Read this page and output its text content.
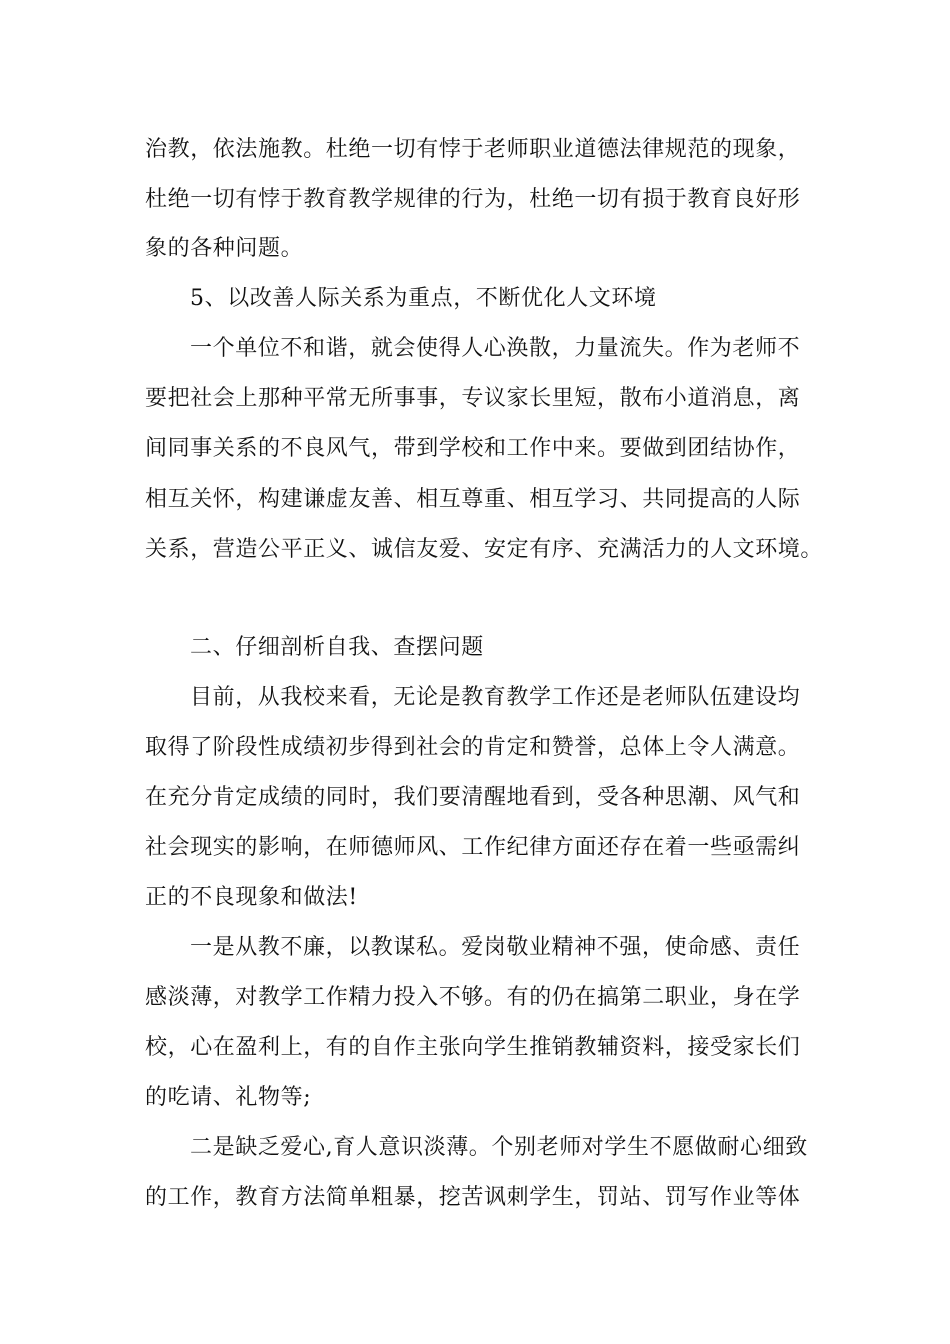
治教，依法施教。杜绝一切有悖于老师职业道德法律规范的现象，
杜绝一切有悖于教育教学规律的行为，杜绝一切有损于教育良好形
象的各种问题。
5、以改善人际关系为重点，不断优化人文环境
一个单位不和谐，就会使得人心涣散，力量流失。作为老师不
要把社会上那种平常无所事事，专议家长里短，散布小道消息，离
间同事关系的不良风气，带到学校和工作中来。要做到团结协作，
相互关怀，构建谦虚友善、相互尊重、相互学习、共同提高的人际
关系，营造公平正义、诚信友爱、安定有序、充满活力的人文环境。
二、仔细剖析自我、查摆问题
目前，从我校来看，无论是教育教学工作还是老师队伍建设均
取得了阶段性成绩初步得到社会的肯定和赞誉，总体上令人满意。
在充分肯定成绩的同时，我们要清醒地看到，受各种思潮、风气和
社会现实的影响，在师德师风、工作纪律方面还存在着一些亟需纠
正的不良现象和做法!
一是从教不廉，以教谋私。爱岗敬业精神不强，使命感、责任
感淡薄，对教学工作精力投入不够。有的仍在搞第二职业，身在学
校，心在盈利上，有的自作主张向学生推销教辅资料，接受家长们
的吃请、礼物等;
二是缺乏爱心,育人意识淡薄。个别老师对学生不愿做耐心细致
的工作，教育方法简单粗暴，挖苦讽刺学生，罚站、罚写作业等体
